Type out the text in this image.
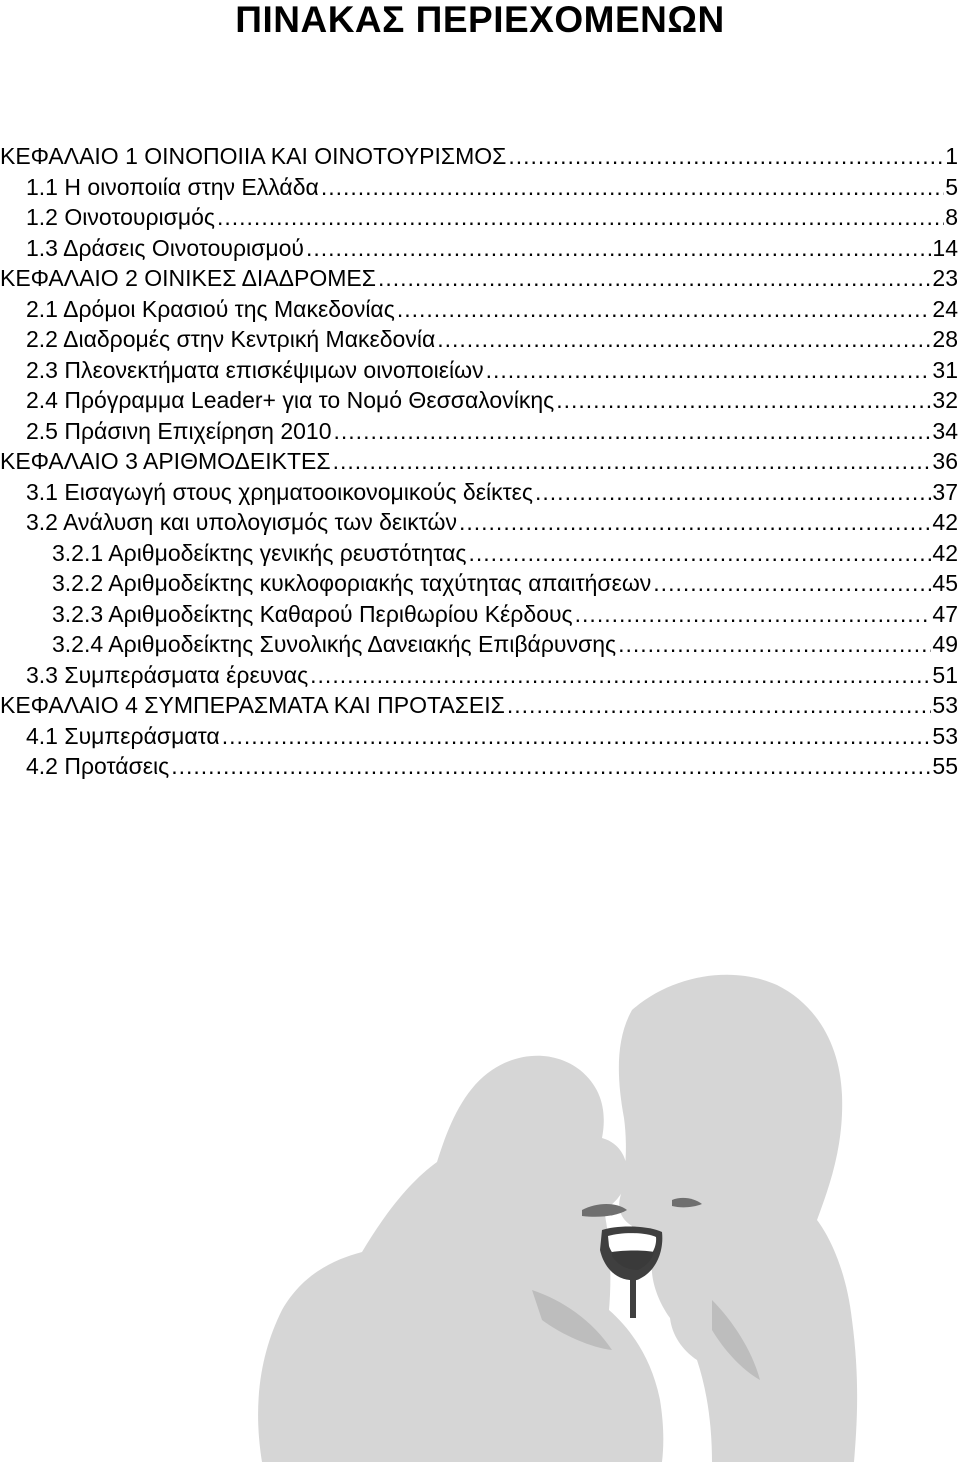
ΠΙΝΑΚΑΣ ΠΕΡΙΕΧΟΜΕΝΩΝ
ΚΕΦΑΛΑΙΟ 1 ΟΙΝΟΠΟΙΙΑ ΚΑΙ ΟΙΝΟΤΟΥΡΙΣΜΟΣ .....	1
1.1 Η οινοποιία στην Ελλάδα .....	5
1.2 Οινοτουρισμός .....	8
1.3 Δράσεις Οινοτουρισμού .....	14
ΚΕΦΑΛΑΙΟ 2 ΟΙΝΙΚΕΣ ΔΙΑΔΡΟΜΕΣ .....	23
2.1 Δρόμοι Κρασιού της Μακεδονίας .....	24
2.2 Διαδρομές στην Κεντρική Μακεδονία .....	28
2.3 Πλεονεκτήματα επισκέψιμων οινοποιείων .....	31
2.4 Πρόγραμμα Leader+ για το Νομό Θεσσαλονίκης .....	32
2.5 Πράσινη Επιχείρηση 2010 .....	34
ΚΕΦΑΛΑΙΟ 3 ΑΡΙΘΜΟΔΕΙΚΤΕΣ .....	36
3.1 Εισαγωγή στους χρηματοοικονομικούς δείκτες .....	37
3.2 Ανάλυση και υπολογισμός των δεικτών .....	42
3.2.1 Αριθμοδείκτης γενικής ρευστότητας .....	42
3.2.2 Αριθμοδείκτης κυκλοφοριακής ταχύτητας απαιτήσεων .....	45
3.2.3 Αριθμοδείκτης Καθαρού Περιθωρίου Κέρδους .....	47
3.2.4 Αριθμοδείκτης Συνολικής Δανειακής Επιβάρυνσης .....	49
3.3 Συμπεράσματα έρευνας .....	51
ΚΕΦΑΛΑΙΟ 4 ΣΥΜΠΕΡΑΣΜΑΤΑ ΚΑΙ ΠΡΟΤΑΣΕΙΣ .....	53
4.1 Συμπεράσματα .....	53
4.2 Προτάσεις .....	55
